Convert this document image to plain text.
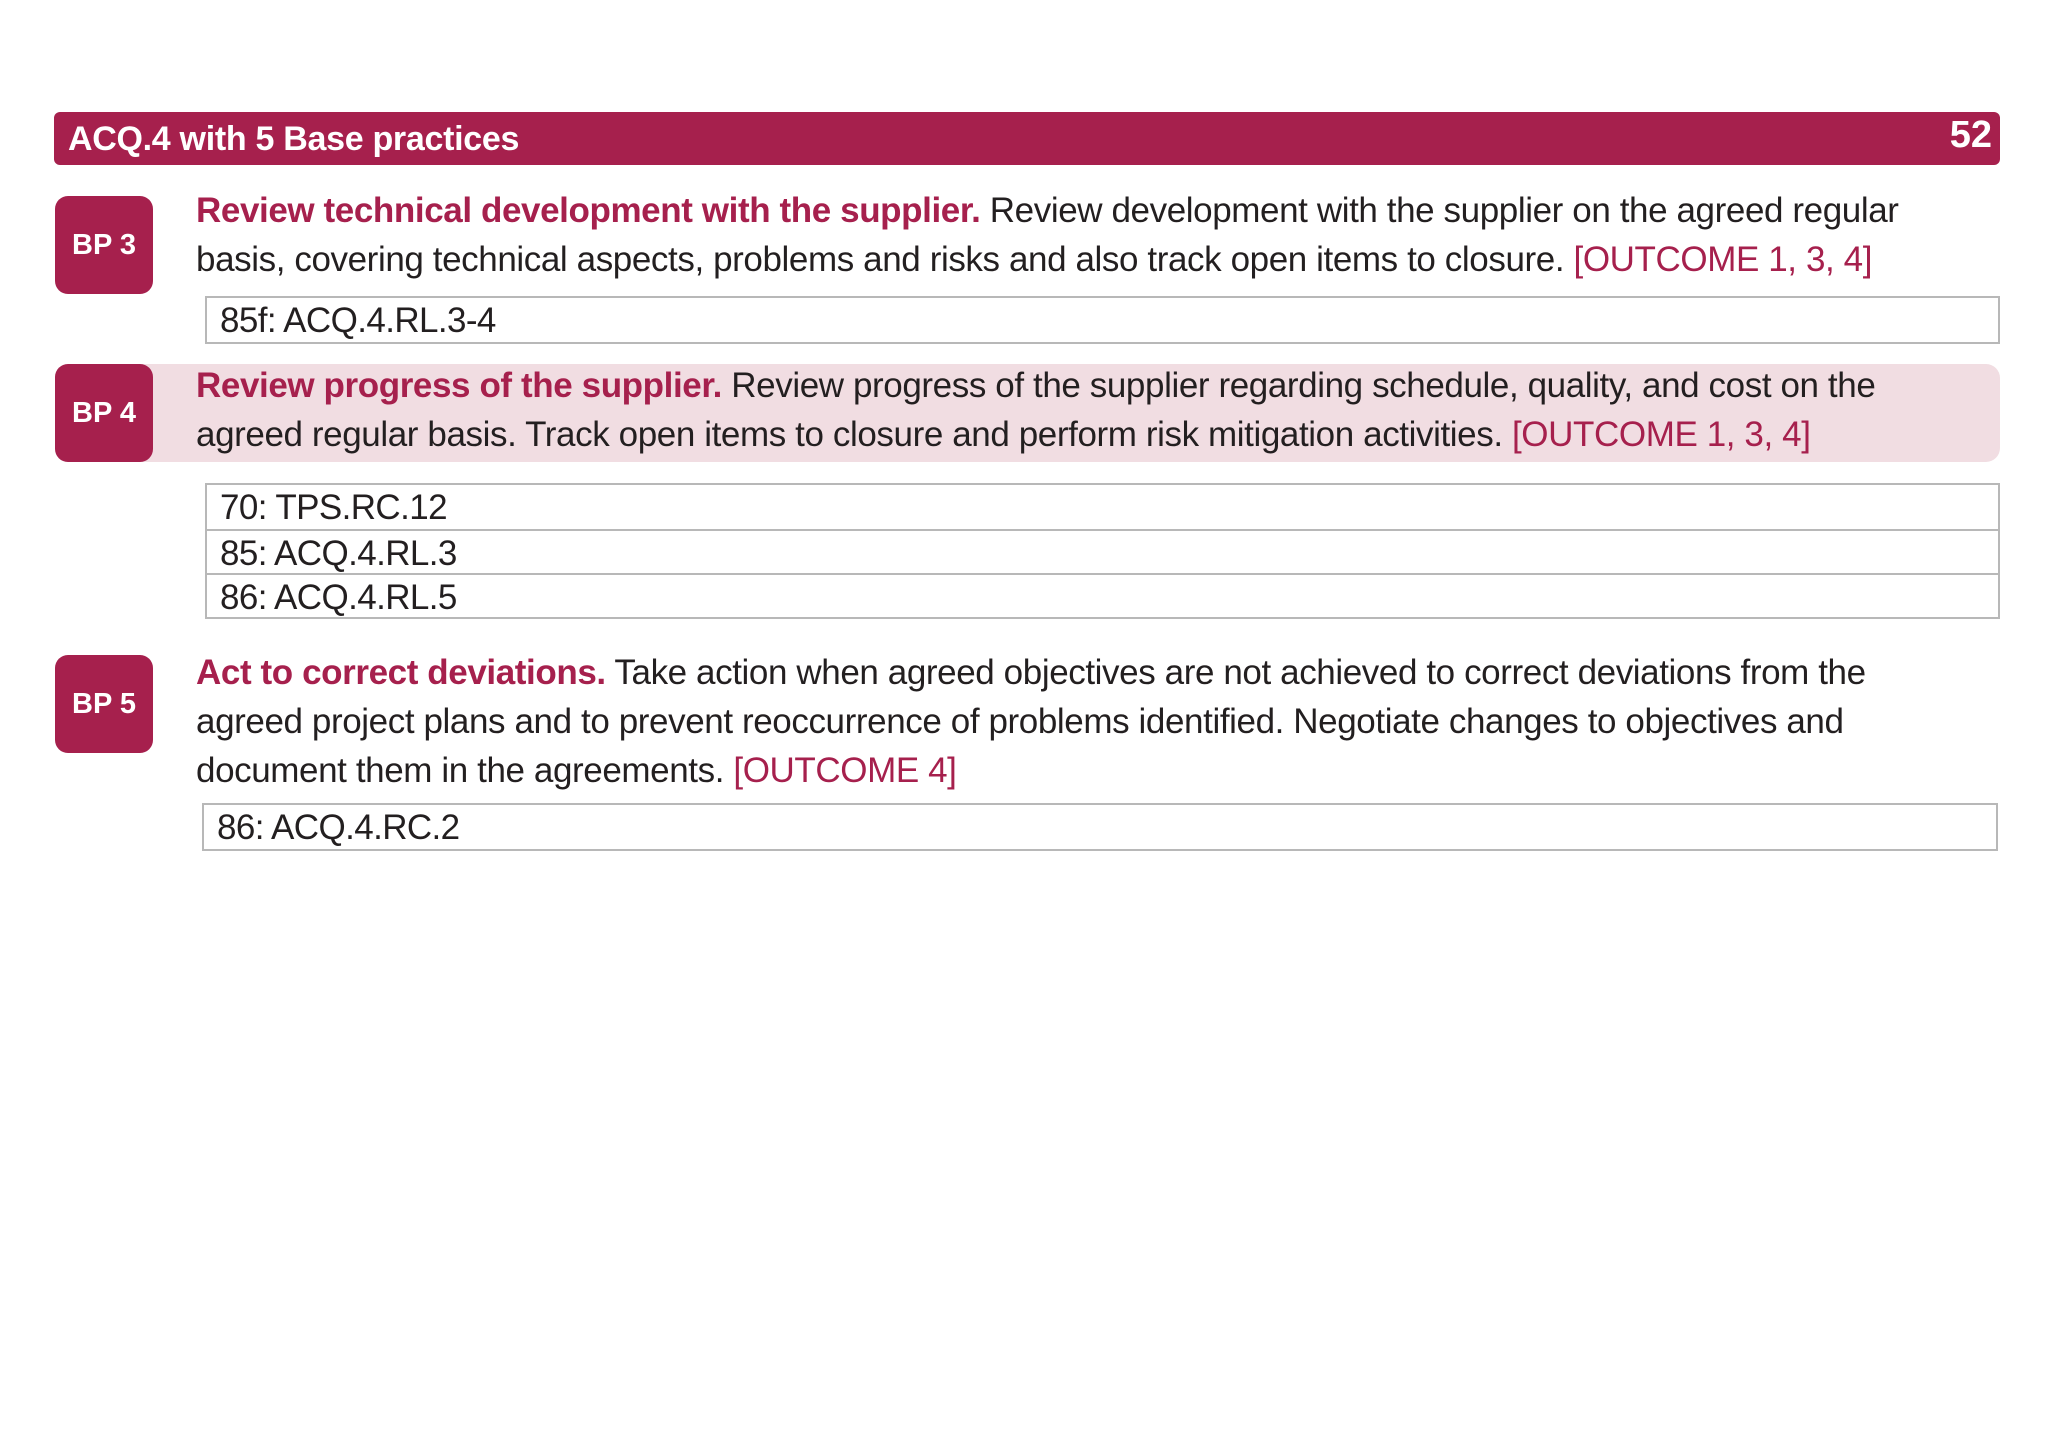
ACQ.4 with 5 Base practices	52
BP 3
Review technical development with the supplier. Review development with the supplier on the agreed regular basis, covering technical aspects, problems and risks and also track open items to closure. [OUTCOME 1, 3, 4]
85f: ACQ.4.RL.3-4
BP 4
Review progress of the supplier. Review progress of the supplier regarding schedule, quality, and cost on the agreed regular basis. Track open items to closure and perform risk mitigation activities. [OUTCOME 1, 3, 4]
70: TPS.RC.12
85: ACQ.4.RL.3
86: ACQ.4.RL.5
BP 5
Act to correct deviations. Take action when agreed objectives are not achieved to correct deviations from the agreed project plans and to prevent reoccurrence of problems identified. Negotiate changes to objectives and document them in the agreements. [OUTCOME 4]
86: ACQ.4.RC.2
